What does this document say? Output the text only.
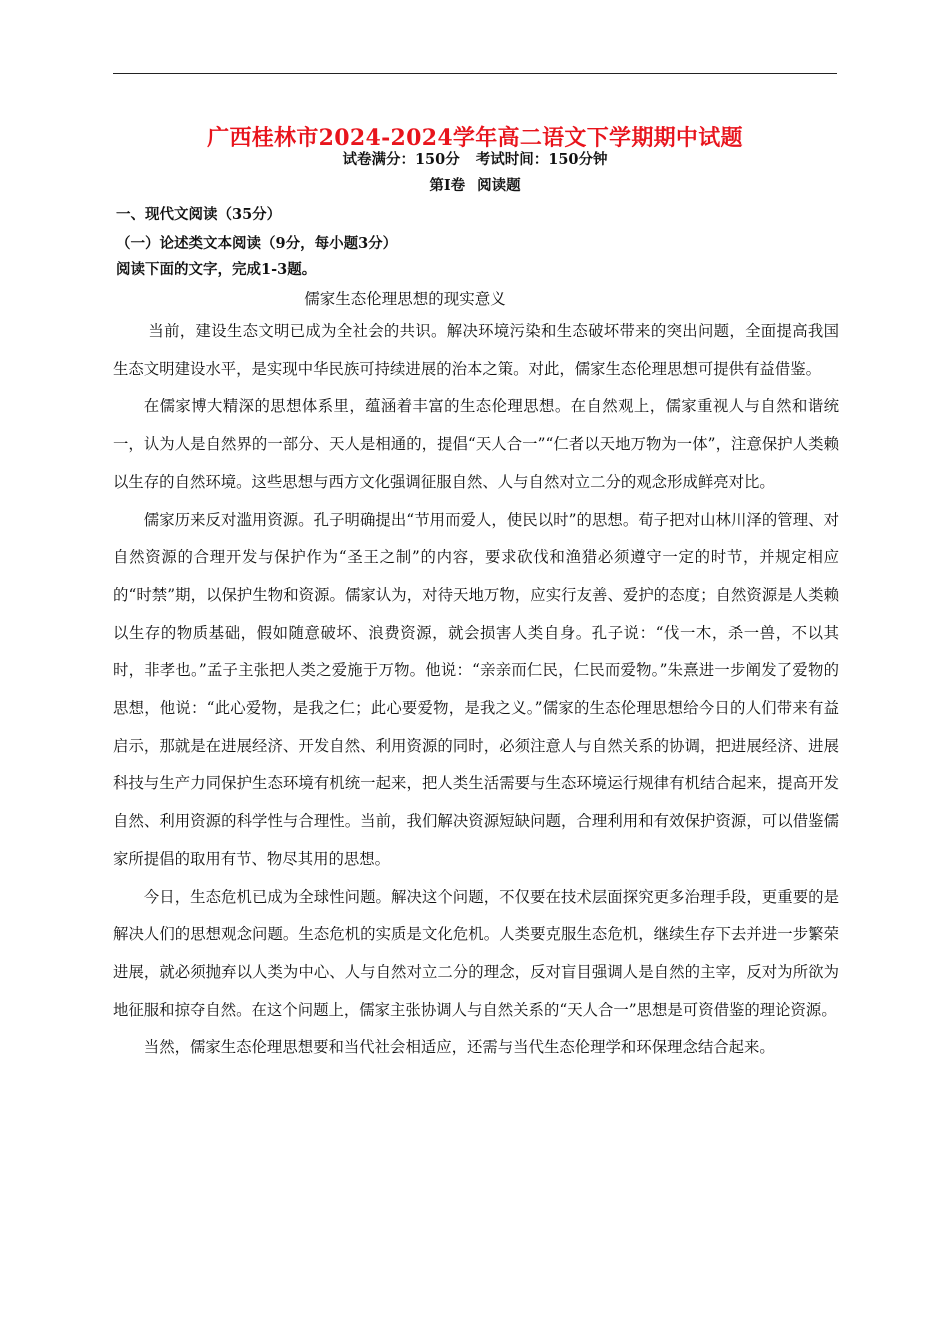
广西桂林市2024-2024学年高二语文下学期期中试题
试卷满分：150分 考试时间：150分钟
第Ⅰ卷 阅读题
一、现代文阅读（35分）
（一）论述类文本阅读（9分，每小题3分）
阅读下面的文字，完成1-3题。
儒家生态伦理思想的现实意义

当前，建设生态文明已成为全社会的共识。解决环境污染和生态破坏带来的突出问题，全面提高我国生态文明建设水平，是实现中华民族可持续进展的治本之策。对此，儒家生态伦理思想可提供有益借鉴。

在儒家博大精深的思想体系里，蕴涵着丰富的生态伦理思想。在自然观上，儒家重视人与自然和谐统一，认为人是自然界的一部分、天人是相通的，提倡“天人合一”“仁者以天地万物为一体”，注意保护人类赖以生存的自然环境。这些思想与西方文化强调征服自然、人与自然对立二分的观念形成鲜亮对比。

儒家历来反对滥用资源。孔子明确提出“节用而爱人，使民以时”的思想。荀子把对山林川泽的管理、对自然资源的合理开发与保护作为“圣王之制”的内容，要求砍伐和渔猎必须遵守一定的时节，并规定相应的“时禁”期，以保护生物和资源。儒家认为，对待天地万物，应实行友善、爱护的态度；自然资源是人类赖以生存的物质基础，假如随意破坏、浪费资源，就会损害人类自身。孔子说：“伐一木，杀一兽，不以其时，非孝也。”孟子主张把人类之爱施于万物。他说：“亲亲而仁民，仁民而爱物。”朱熹进一步阐发了爱物的思想，他说：“此心爱物，是我之仁；此心要爱物，是我之义。”儒家的生态伦理思想给今日的人们带来有益启示，那就是在进展经济、开发自然、利用资源的同时，必须注意人与自然关系的协调，把进展经济、进展科技与生产力同保护生态环境有机统一起来，把人类生活需要与生态环境运行规律有机结合起来，提高开发自然、利用资源的科学性与合理性。当前，我们解决资源短缺问题，合理利用和有效保护资源，可以借鉴儒家所提倡的取用有节、物尽其用的思想。

今日，生态危机已成为全球性问题。解决这个问题，不仅要在技术层面探究更多治理手段，更重要的是解决人们的思想观念问题。生态危机的实质是文化危机。人类要克服生态危机，继续生存下去并进一步繁荣进展，就必须抛弃以人类为中心、人与自然对立二分的理念，反对盲目强调人是自然的主宰，反对为所欲为地征服和掠夺自然。在这个问题上，儒家主张协调人与自然关系的“天人合一”思想是可资借鉴的理论资源。

当然，儒家生态伦理思想要和当代社会相适应，还需与当代生态伦理学和环保理念结合起来。
